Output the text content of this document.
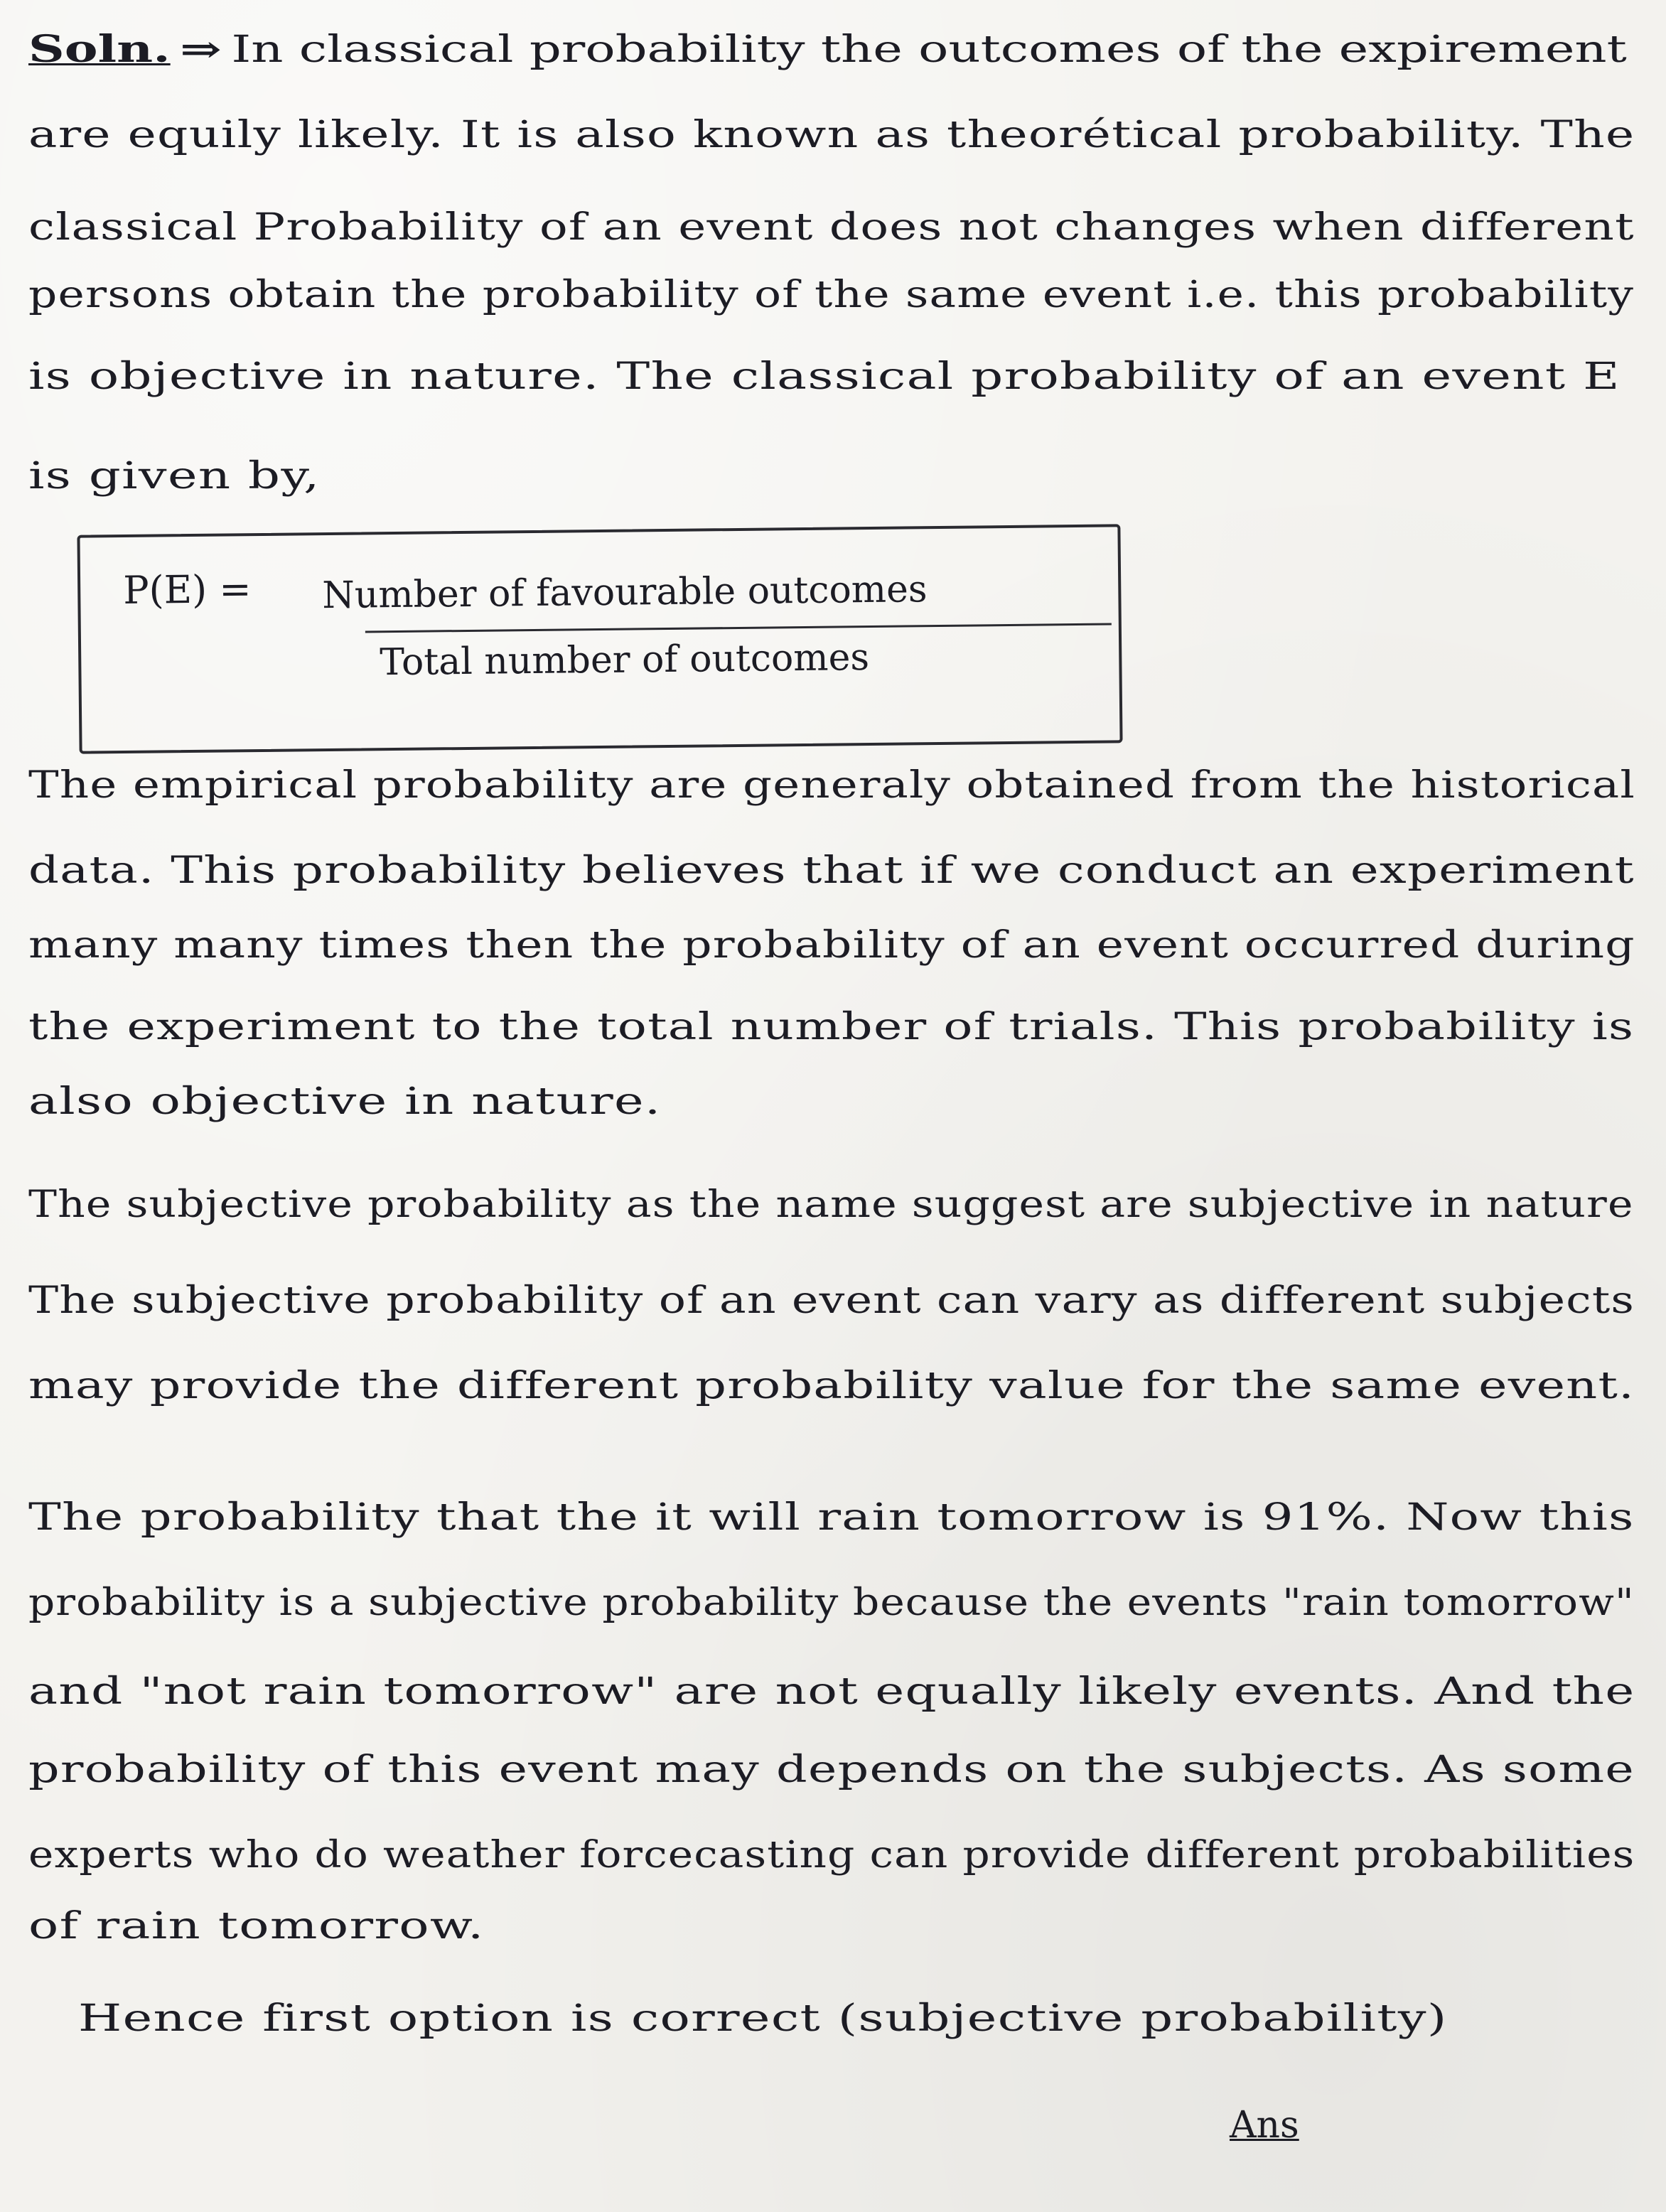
Soln. ⇒ In classical probability the outcomes of the expirement
are equily likely. It is also known as theorétical probability. The
classical Probability of an event does not changes when different
persons obtain the probability of the same event i.e. this probability
is objective in nature. The classical probability of an event E
is given by,
P(E) = Number of favourable outcomes
Total number of outcomes
The empirical probability are generaly obtained from the historical
data. This probability believes that if we conduct an experiment
many many times then the probability of an event occurred during
the experiment to the total number of trials. This probability is
also objective in nature.
The subjective probability as the name suggest are subjective in nature
The subjective probability of an event can vary as different subjects
may provide the different probability value for the same event.
The probability that the it will rain tomorrow is 91%. Now this
probability is a subjective probability because the events "rain tomorrow"
and "not rain tomorrow" are not equally likely events. And the
probability of this event may depends on the subjects. As some
experts who do weather forcecasting can provide different probabilities
of rain tomorrow.
Hence first option is correct (subjective probability)
Ans
